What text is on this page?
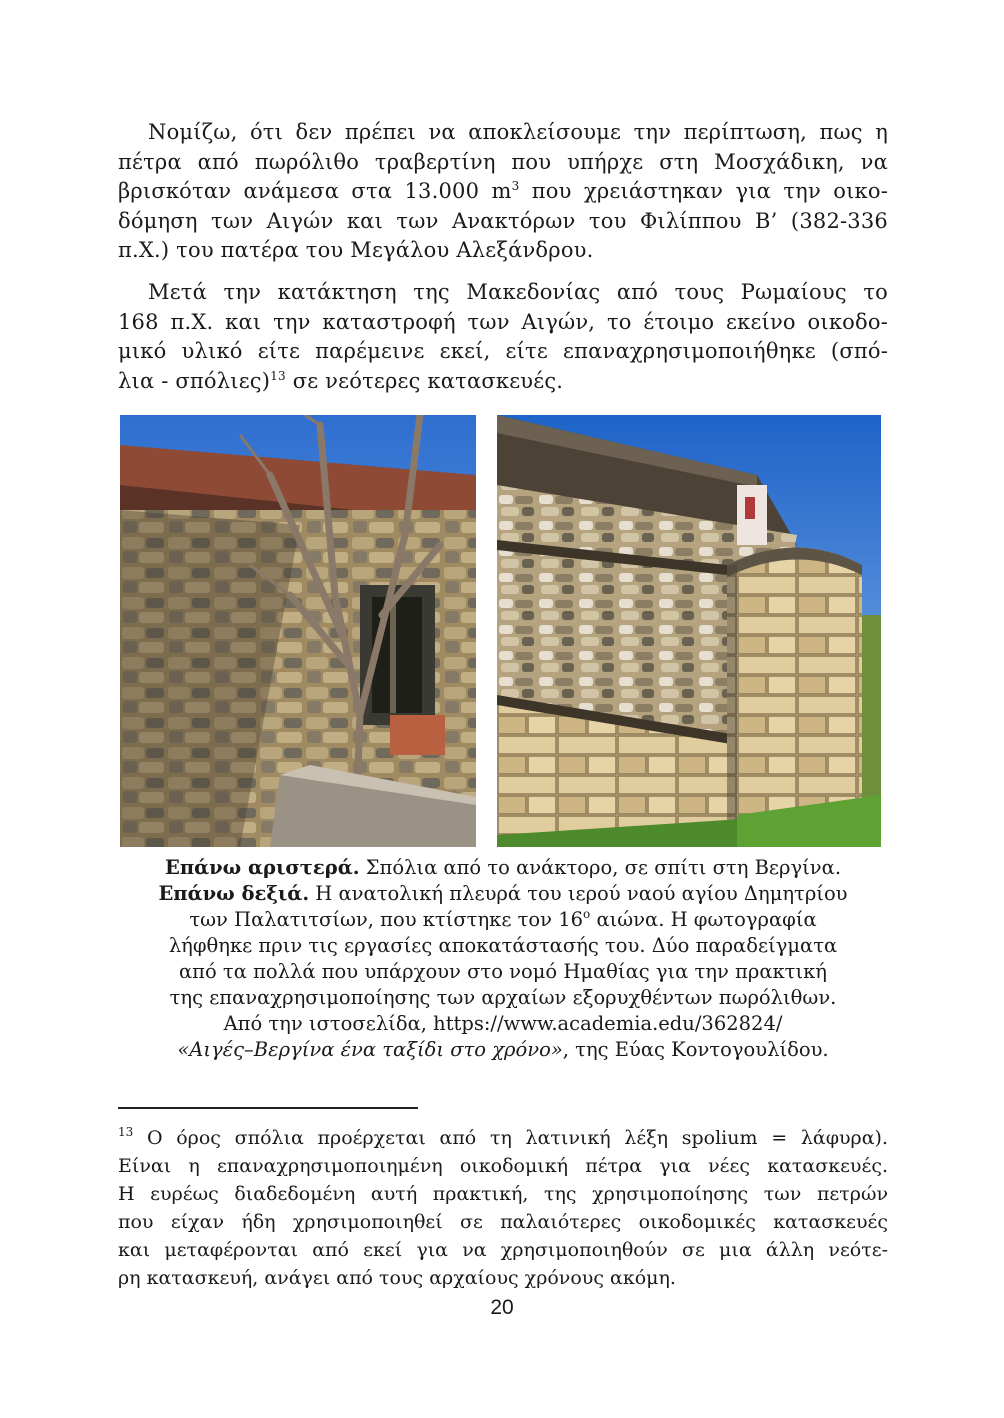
Νομίζω, ότι δεν πρέπει να αποκλείσουμε την περίπτωση, πως η
πέτρα από πωρόλιθο τραβερτίνη που υπήρχε στη Μοσχάδικη, να
βρισκόταν ανάμεσα στα 13.000 $m^3$ που χρειάστηκαν για την οικο-
δόμηση των Αιγών και των Ανακτόρων του Φιλίππου Β’ (382-336
π.Χ.) του πατέρα του Μεγάλου Αλεξάνδρου.
Μετά την κατάκτηση της Μακεδονίας από τους Ρωμαίους το
168 π.Χ. και την καταστροφή των Αιγών, το έτοιμο εκείνο οικοδο-
μικό υλικό είτε παρέμεινε εκεί, είτε επαναχρησιμοποιήθηκε (σπό-
λια - σπόλιες)$^{13}$ σε νεότερες κατασκευές.
Επάνω αριστερά. Σπόλια από το ανάκτορο, σε σπίτι στη Βεργίνα.
Επάνω δεξιά. Η ανατολική πλευρά του ιερού ναού αγίου Δημητρίου
των Παλατιτσίων, που κτίστηκε τον $16^o$ αιώνα. Η φωτογραφία
λήφθηκε πριν τις εργασίες αποκατάστασής του. Δύο παραδείγματα
από τα πολλά που υπάρχουν στο νομό Ημαθίας για την πρακτική
της επαναχρησιμοποίησης των αρχαίων εξορυχθέντων πωρόλιθων.
Από την ιστοσελίδα, https://www.academia.edu/362824/
«Αιγές–Βεργίνα ένα ταξίδι στο χρόνο», της Εύας Κοντογουλίδου.
$^{13}$ Ο όρος σπόλια προέρχεται από τη λατινική λέξη spolium = λάφυρα).
Είναι η επαναχρησιμοποιημένη οικοδομική πέτρα για νέες κατασκευές.
Η ευρέως διαδεδομένη αυτή πρακτική, της χρησιμοποίησης των πετρών
που είχαν ήδη χρησιμοποιηθεί σε παλαιότερες οικοδομικές κατασκευές
και μεταφέρονται από εκεί για να χρησιμοποιηθούν σε μια άλλη νεότε-
ρη κατασκευή, ανάγει από τους αρχαίους χρόνους ακόμη.
20
